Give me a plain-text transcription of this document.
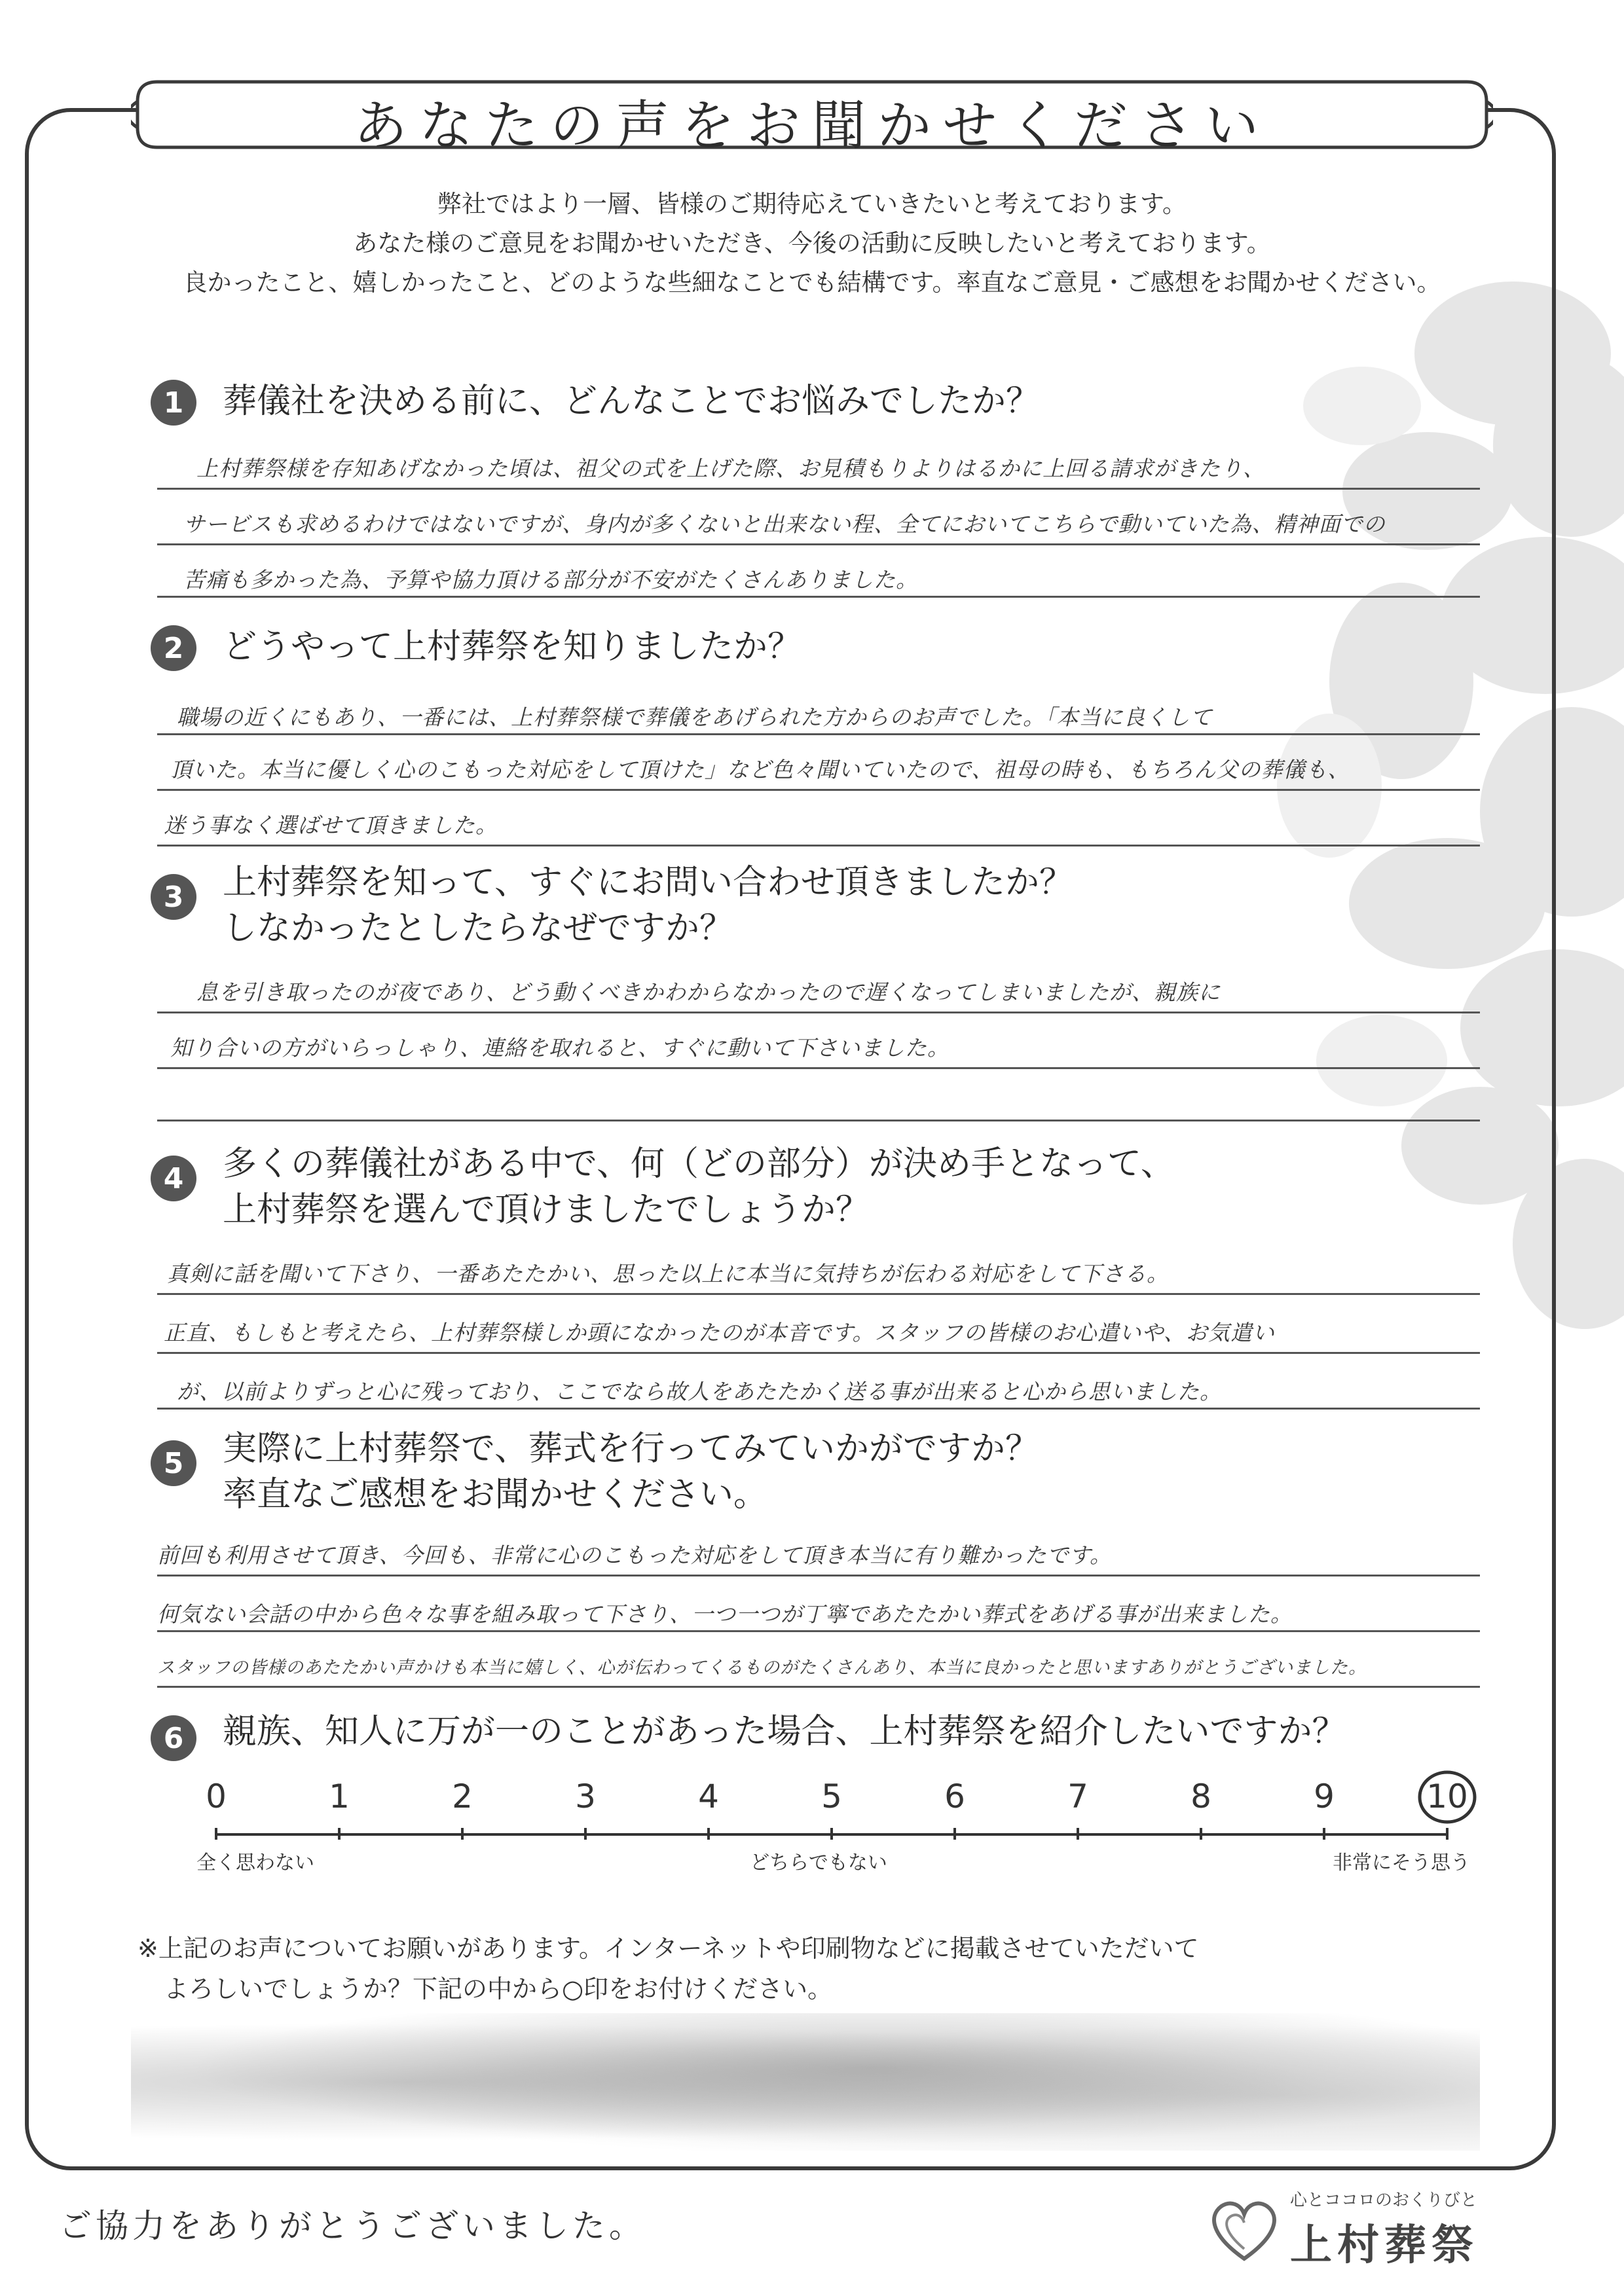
あなたの声をお聞かせください
弊社ではより一層、皆様のご期待応えていきたいと考えております。
あなた様のご意見をお聞かせいただき、今後の活動に反映したいと考えております。
良かったこと、嬉しかったこと、どのような些細なことでも結構です。率直なご意見・ご感想をお聞かせください。
1	葬儀社を決める前に、どんなことでお悩みでしたか？
上村葬祭様を存知あげなかった頃は、祖父の式を上げた際、お見積もりよりはるかに上回る請求がきたり、
サービスも求めるわけではないですが、身内が多くないと出来ない程、全てにおいてこちらで動いていた為、精神面での
苦痛も多かった為、予算や協力頂ける部分が不安がたくさんありました。
2	どうやって上村葬祭を知りましたか？
職場の近くにもあり、一番には、上村葬祭様で葬儀をあげられた方からのお声でした。「本当に良くして
頂いた。本当に優しく心のこもった対応をして頂けた」など色々聞いていたので、祖母の時も、もちろん父の葬儀も、
迷う事なく選ばせて頂きました。
3	上村葬祭を知って、すぐにお問い合わせ頂きましたか？
しなかったとしたらなぜですか？
息を引き取ったのが夜であり、どう動くべきかわからなかったので遅くなってしまいましたが、親族に
知り合いの方がいらっしゃり、連絡を取れると、すぐに動いて下さいました。
4	多くの葬儀社がある中で、何（どの部分）が決め手となって、
上村葬祭を選んで頂けましたでしょうか？
真剣に話を聞いて下さり、一番あたたかい、思った以上に本当に気持ちが伝わる対応をして下さる。
正直、もしもと考えたら、上村葬祭様しか頭になかったのが本音です。スタッフの皆様のお心遣いや、お気遣い
が、以前よりずっと心に残っており、ここでなら故人をあたたかく送る事が出来ると心から思いました。
5	実際に上村葬祭で、葬式を行ってみていかがですか？
率直なご感想をお聞かせください。
前回も利用させて頂き、今回も、非常に心のこもった対応をして頂き本当に有り難かったです。
何気ない会話の中から色々な事を組み取って下さり、一つ一つが丁寧であたたかい葬式をあげる事が出来ました。
スタッフの皆様のあたたかい声かけも本当に嬉しく、心が伝わってくるものがたくさんあり、本当に良かったと思いますありがとうございました。
6	親族、知人に万が一のことがあった場合、上村葬祭を紹介したいですか？
全く思わない	どちらでもない	非常にそう思う
0	1	2	3	4	5	6	7	8	9	10
※上記のお声についてお願いがあります。インターネットや印刷物などに掲載させていただいて
よろしいでしょうか？下記の中から○印をお付けください。
ご協力をありがとうございました。
心とココロのおくりびと
上村葬祭
